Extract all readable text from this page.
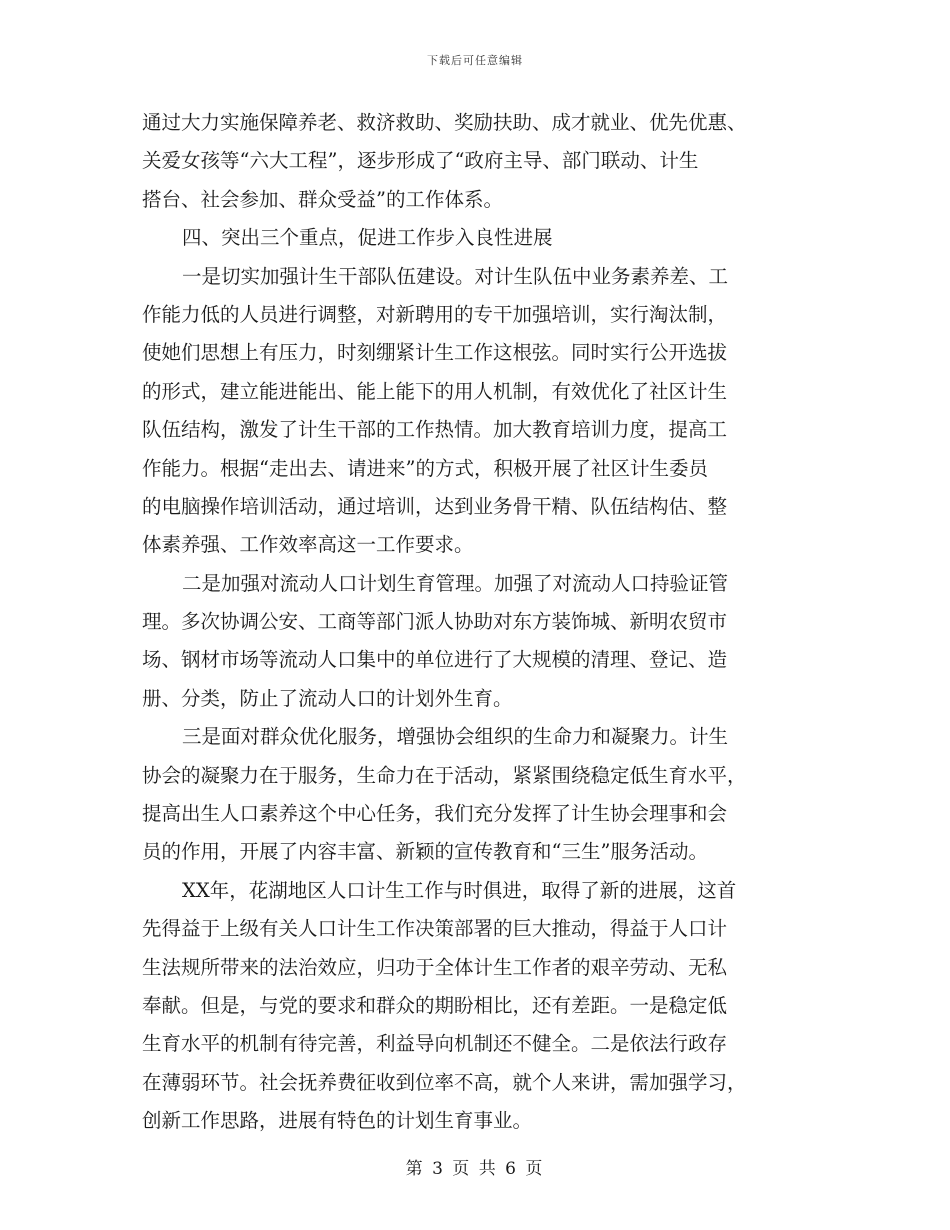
下载后可任意编辑
通过大力实施保障养老、救济救助、奖励扶助、成才就业、优先优惠、
关爱女孩等“六大工程”，逐步形成了“政府主导、部门联动、计生
搭台、社会参加、群众受益”的工作体系。
四、突出三个重点，促进工作步入良性进展
一是切实加强计生干部队伍建设。对计生队伍中业务素养差、工
作能力低的人员进行调整，对新聘用的专干加强培训，实行淘汰制，
使她们思想上有压力，时刻绷紧计生工作这根弦。同时实行公开选拔
的形式，建立能进能出、能上能下的用人机制，有效优化了社区计生
队伍结构，激发了计生干部的工作热情。加大教育培训力度，提高工
作能力。根据“走出去、请进来”的方式，积极开展了社区计生委员
的电脑操作培训活动，通过培训，达到业务骨干精、队伍结构估、整
体素养强、工作效率高这一工作要求。
二是加强对流动人口计划生育管理。加强了对流动人口持验证管
理。多次协调公安、工商等部门派人协助对东方装饰城、新明农贸市
场、钢材市场等流动人口集中的单位进行了大规模的清理、登记、造
册、分类，防止了流动人口的计划外生育。
三是面对群众优化服务，增强协会组织的生命力和凝聚力。计生
协会的凝聚力在于服务，生命力在于活动，紧紧围绕稳定低生育水平，
提高出生人口素养这个中心任务，我们充分发挥了计生协会理事和会
员的作用，开展了内容丰富、新颖的宣传教育和“三生”服务活动。
XX年，花湖地区人口计生工作与时俱进，取得了新的进展，这首
先得益于上级有关人口计生工作决策部署的巨大推动，得益于人口计
生法规所带来的法治效应，归功于全体计生工作者的艰辛劳动、无私
奉献。但是，与党的要求和群众的期盼相比，还有差距。一是稳定低
生育水平的机制有待完善，利益导向机制还不健全。二是依法行政存
在薄弱环节。社会抚养费征收到位率不高，就个人来讲，需加强学习，
创新工作思路，进展有特色的计划生育事业。
第 3 页 共 6 页
